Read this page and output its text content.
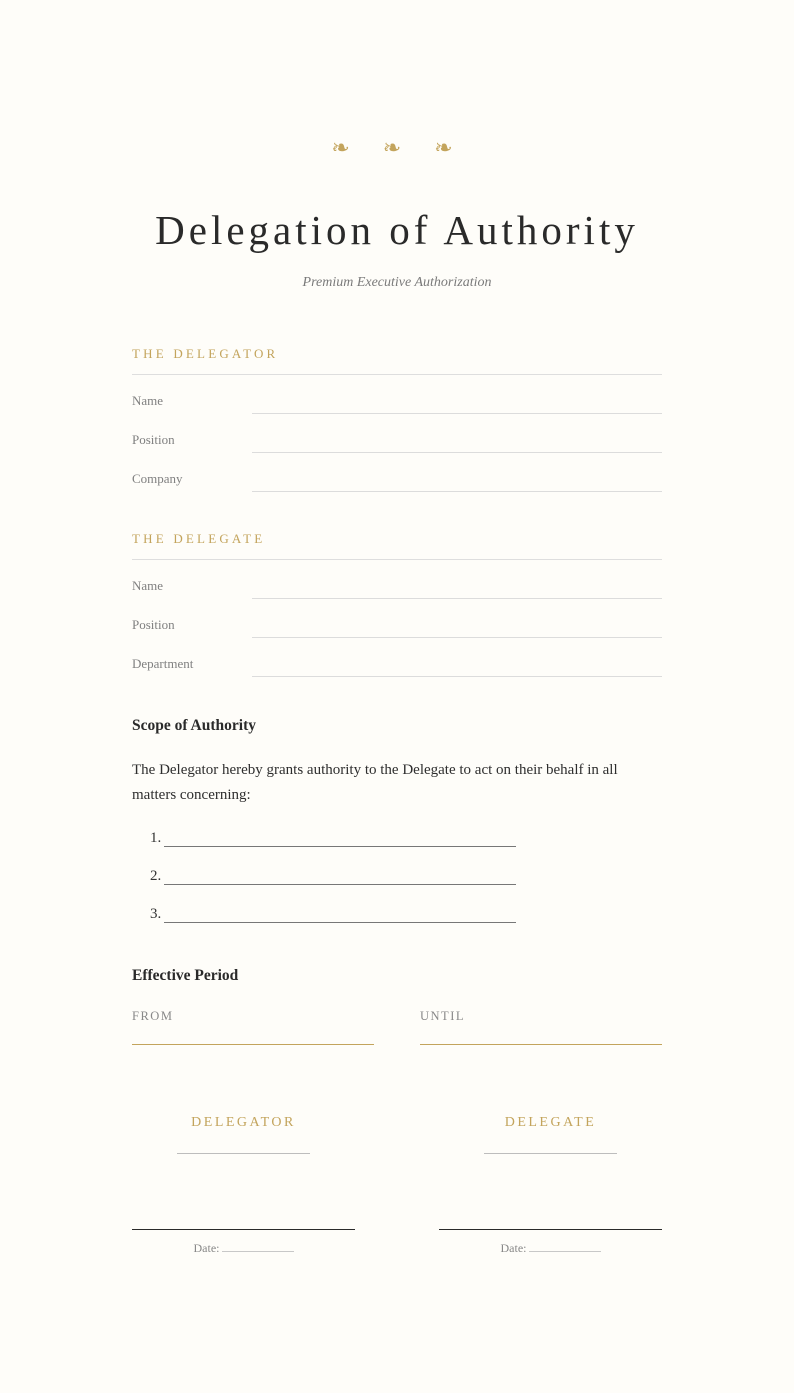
❧ ❧ ❧
Delegation of Authority
Premium Executive Authorization
THE DELEGATOR
Name
Position
Company
THE DELEGATE
Name
Position
Department
Scope of Authority
The Delegator hereby grants authority to the Delegate to act on their behalf in all matters concerning:
1.
2.
3.
Effective Period
FROM	UNTIL
DELEGATOR
Date:
DELEGATE
Date:
